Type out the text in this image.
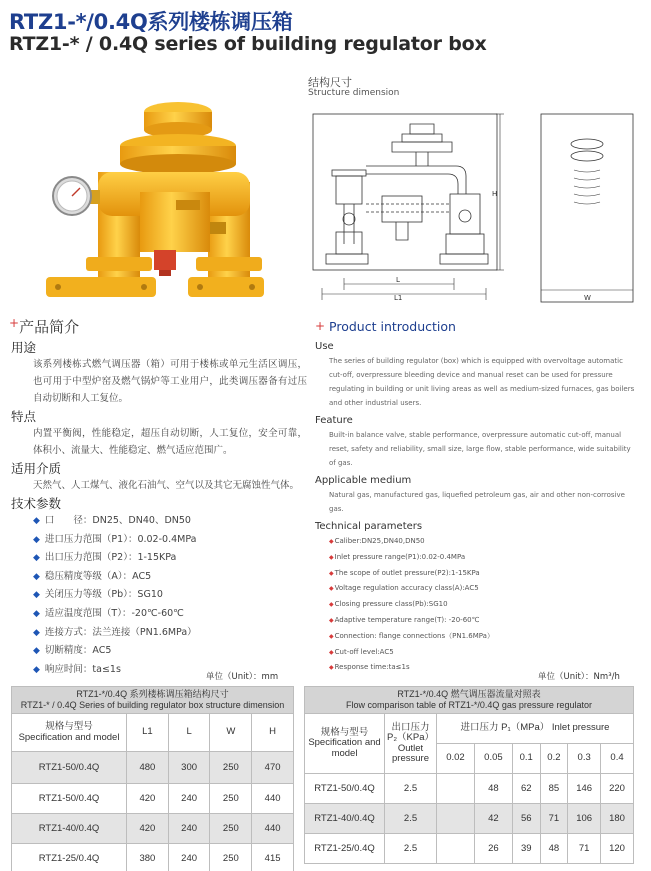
RTZ1-*/0.4Q系列楼栋调压箱
RTZ1-* / 0.4Q series of building regulator box
结构尺寸
Structure dimension
H
L
L1	W
+产品简介	+ Product introduction
用途
该系列楼栋式燃气调压器（箱）可用于楼栋或单元生活区调压，也可用于中型炉窑及燃气锅炉等工业用户，此类调压器备有过压自动切断和人工复位。
特点
内置平衡阀，性能稳定，超压自动切断，人工复位，安全可靠，体积小、流量大、性能稳定、燃气适应范围广。
适用介质
天然气、人工煤气、液化石油气、空气以及其它无腐蚀性气体。
技术参数
◆ 口　　径：DN25、DN40、DN50
◆ 进口压力范围（P1）：0.02-0.4MPa
◆ 出口压力范围（P2）：1-15KPa
◆ 稳压精度等级（A）：AC5
◆ 关闭压力等级（Pb）：SG10
◆ 适应温度范围（T）：-20℃-60℃
◆ 连接方式：法兰连接（PN1.6MPa）
◆ 切断精度：AC5
◆ 响应时间：ta≤1s
Use
The series of building regulator (box) which is equipped with overvoltage automatic cut-off, overpressure bleeding device and manual reset can be used for pressure regulating in building or unit living areas as well as medium-sized furnaces, gas boilers and other industrial users.
Feature
Built-in balance valve, stable performance, overpressure automatic cut-off, manual reset, safety and reliability, small size, large flow, stable performance, wide suitability of gas.
Applicable medium
Natural gas, manufactured gas, liquefied petroleum gas, air and other non-corrosive gas.
Technical parameters
◆Caliber:DN25,DN40,DN50
◆Inlet pressure range(P1):0.02-0.4MPa
◆The scope of outlet pressure(P2):1-15KPa
◆Voltage regulation accuracy class(A):AC5
◆Closing pressure class(Pb):SG10
◆Adaptive temperature range(T): -20-60℃
◆Connection: flange connections（PN1.6MPa）
◆Cut-off level:AC5
◆Response time:ta≤1s
单位（Unit）：mm	单位（Unit）：Nm³/h
RTZ1-*/0.4Q 系列楼栋调压箱结构尺寸
RTZ1-* / 0.4Q Series of building regulator box structure dimension				
规格与型号
Specification and model	L1	L	W	H
RTZ1-50/0.4Q	480	300	250	470
RTZ1-50/0.4Q	420	240	250	440
RTZ1-40/0.4Q	420	240	250	440
RTZ1-25/0.4Q	380	240	250	415
RTZ1-*/0.4Q 燃气调压器流量对照表
Flow comparison table of RTZ1-*/0.4Q gas pressure regulator							
规格与型号
Specification and model	出口压力
P₂（KPa）
Outlet pressure	进口压力 P₁（MPa） Inlet pressure					
		0.02	0.05	0.1	0.2	0.3	0.4
RTZ1-50/0.4Q	2.5		48	62	85	146	220
RTZ1-40/0.4Q	2.5		42	56	71	106	180
RTZ1-25/0.4Q	2.5		26	39	48	71	120
